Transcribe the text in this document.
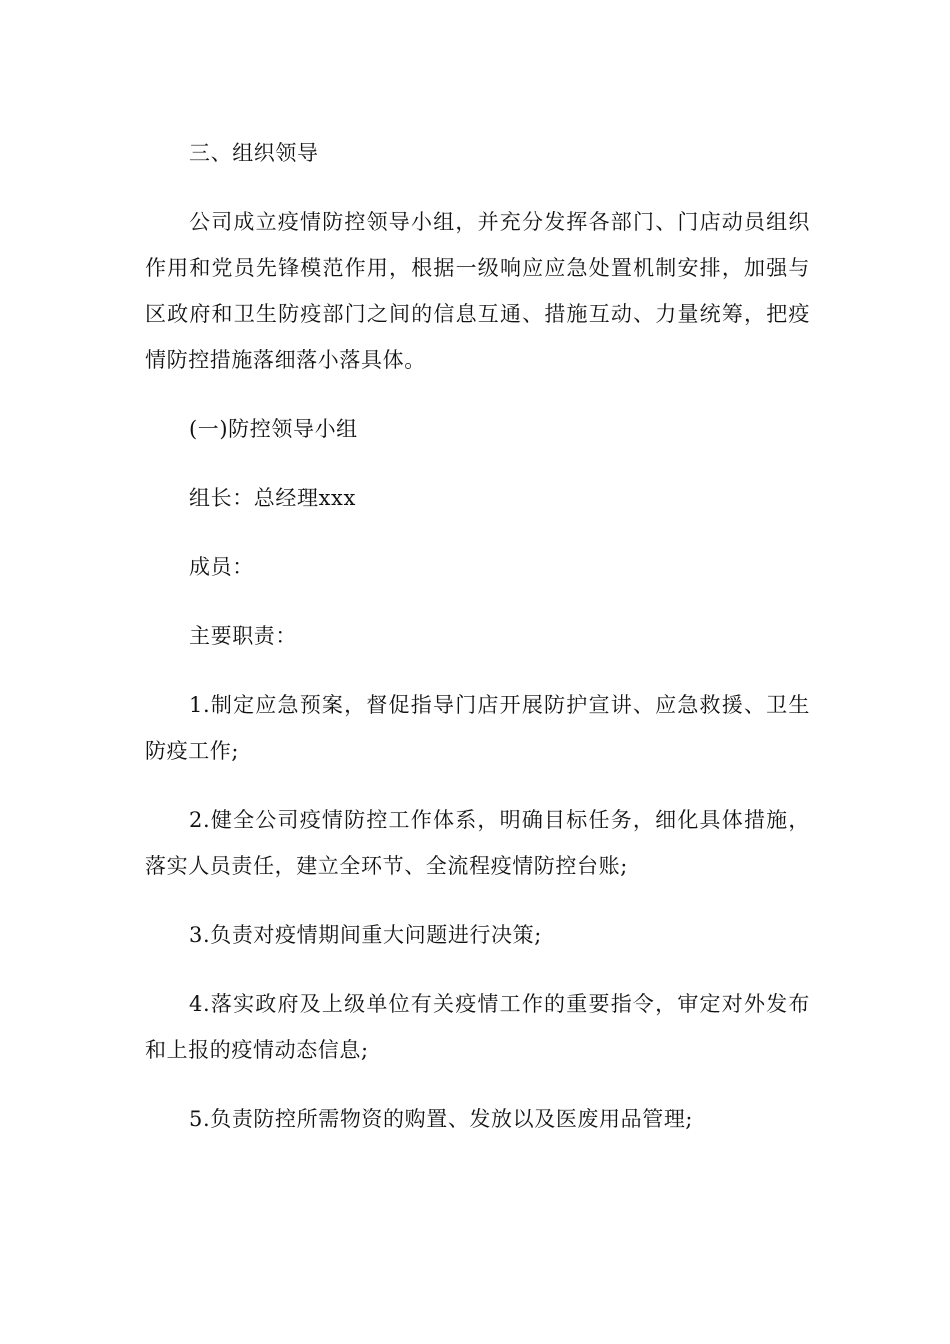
三、组织领导

公司成立疫情防控领导小组，并充分发挥各部门、门店动员组织作用和党员先锋模范作用，根据一级响应应急处置机制安排，加强与区政府和卫生防疫部门之间的信息互通、措施互动、力量统筹，把疫情防控措施落细落小落具体。

(一)防控领导小组

组长：总经理xxx

成员：

主要职责：

1.制定应急预案，督促指导门店开展防护宣讲、应急救援、卫生防疫工作;

2.健全公司疫情防控工作体系，明确目标任务，细化具体措施，落实人员责任，建立全环节、全流程疫情防控台账;

3.负责对疫情期间重大问题进行决策;

4.落实政府及上级单位有关疫情工作的重要指令，审定对外发布和上报的疫情动态信息;

5.负责防控所需物资的购置、发放以及医废用品管理;
